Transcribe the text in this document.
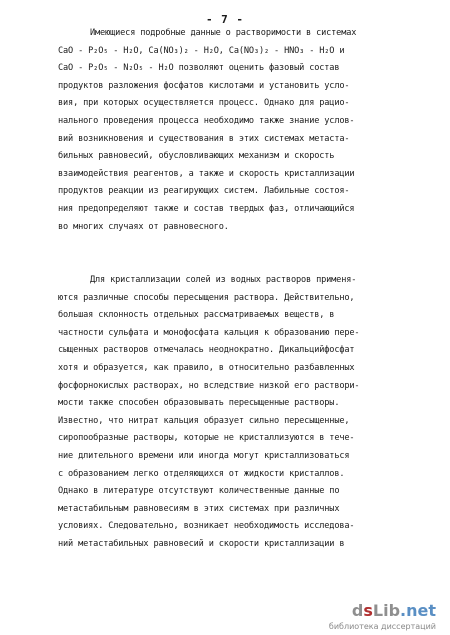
- 7 -
Имеющиеся подробные данные о растворимости в системах
CaO - P₂O₅ - H₂O, Ca(NO₃)₂ - H₂O, Ca(NO₃)₂ - HNO₃ - H₂O и
CaO - P₂O₅ - N₂O₅ - H₂O позволяют оценить фазовый состав
продуктов разложения фосфатов кислотами и установить усло-
вия, при которых осуществляется процесс. Однако для рацио-
нального проведения процесса необходимо также знание услов-
вий возникновения и существования в этих системах метаста-
бильных равновесий, обусловливающих механизм и скорость
взаимодействия реагентов, а также и скорость кристаллизации
продуктов реакции из реагирующих систем. Лабильные состоя-
ния предопределяют также и состав твердых фаз, отличающийся
во многих случаях от равновесного.
Для кристаллизации солей из водных растворов применя-
ются различные способы пересыщения раствора. Действительно,
большая склонность отдельных рассматриваемых веществ, в
частности сульфата и монофосфата кальция к образованию пере-
сыщенных растворов отмечалась неоднократно. Дикальцийфосфат
хотя и образуется, как правило, в относительно разбавленных
фосфорнокислых растворах, но вследствие низкой его раствори-
мости также способен образовывать пересыщенные растворы.
Известно, что нитрат кальция образует сильно пересыщенные,
сиропообразные растворы, которые не кристаллизуются в тече-
ние длительного времени или иногда могут кристаллизоваться
с образованием легко отделяющихся от жидкости кристаллов.
Однако в литературе отсутствуют количественные данные по
метастабильным равновесиям в этих системах при различных
условиях. Следовательно, возникает необходимость исследова-
ний метастабильных равновесий и скорости кристаллизации в
dsLib.net
библиотека диссертаций
